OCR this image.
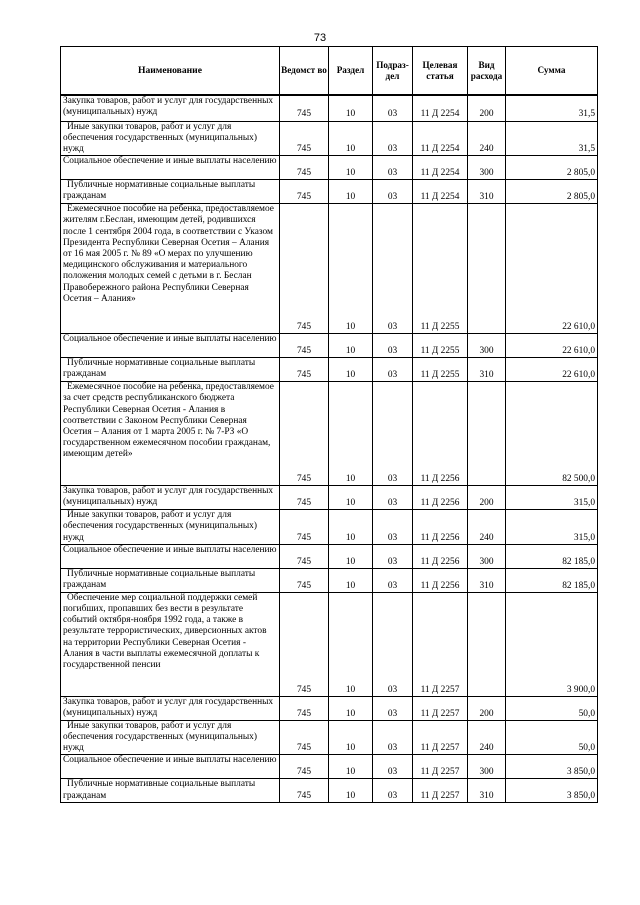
73
Наименование	Ведомст во	Раздел	Подраз- дел	Целевая статья	Вид расхода	Сумма
Закупка товаров, работ и услуг для государственных (муниципальных) нужд	745	10	03	11 Д 2254	200	31,5
Иные закупки товаров, работ и услуг для обеспечения государственных (муниципальных) нужд	745	10	03	11 Д 2254	240	31,5
Социальное обеспечение и иные выплаты населению	745	10	03	11 Д 2254	300	2 805,0
Публичные нормативные социальные выплаты гражданам	745	10	03	11 Д 2254	310	2 805,0
Ежемесячное пособие на ребенка, предоставляемое жителям г.Беслан, имеющим детей, родившихся после 1 сентября 2004 года, в соответствии с Указом Президента Республики Северная Осетия – Алания от 16 мая 2005 г. № 89 «О мерах по улучшению медицинского обслуживания и материального положения молодых семей с детьми в г. Беслан Правобережного района Республики Северная Осетия – Алания»	745	10	03	11 Д 2255		22 610,0
Социальное обеспечение и иные выплаты населению	745	10	03	11 Д 2255	300	22 610,0
Публичные нормативные социальные выплаты гражданам	745	10	03	11 Д 2255	310	22 610,0
Ежемесячное пособие на ребенка, предоставляемое за счет средств республиканского бюджета Республики Северная Осетия - Алания в соответствии с Законом Республики Северная Осетия – Алания от 1 марта 2005 г. № 7-РЗ «О государственном ежемесячном пособии гражданам, имеющим детей»	745	10	03	11 Д 2256		82 500,0
Закупка товаров, работ и услуг для государственных (муниципальных) нужд	745	10	03	11 Д 2256	200	315,0
Иные закупки товаров, работ и услуг для обеспечения государственных (муниципальных) нужд	745	10	03	11 Д 2256	240	315,0
Социальное обеспечение и иные выплаты населению	745	10	03	11 Д 2256	300	82 185,0
Публичные нормативные социальные выплаты гражданам	745	10	03	11 Д 2256	310	82 185,0
Обеспечение мер социальной поддержки семей погибших, пропавших без вести в результате событий октября-ноября 1992 года, а также в результате террористических, диверсионных актов на территории Республики Северная Осетия - Алания в части выплаты ежемесячной доплаты к государственной пенсии	745	10	03	11 Д 2257		3 900,0
Закупка товаров, работ и услуг для государственных (муниципальных) нужд	745	10	03	11 Д 2257	200	50,0
Иные закупки товаров, работ и услуг для обеспечения государственных (муниципальных) нужд	745	10	03	11 Д 2257	240	50,0
Социальное обеспечение и иные выплаты населению	745	10	03	11 Д 2257	300	3 850,0
Публичные нормативные социальные выплаты гражданам	745	10	03	11 Д 2257	310	3 850,0
